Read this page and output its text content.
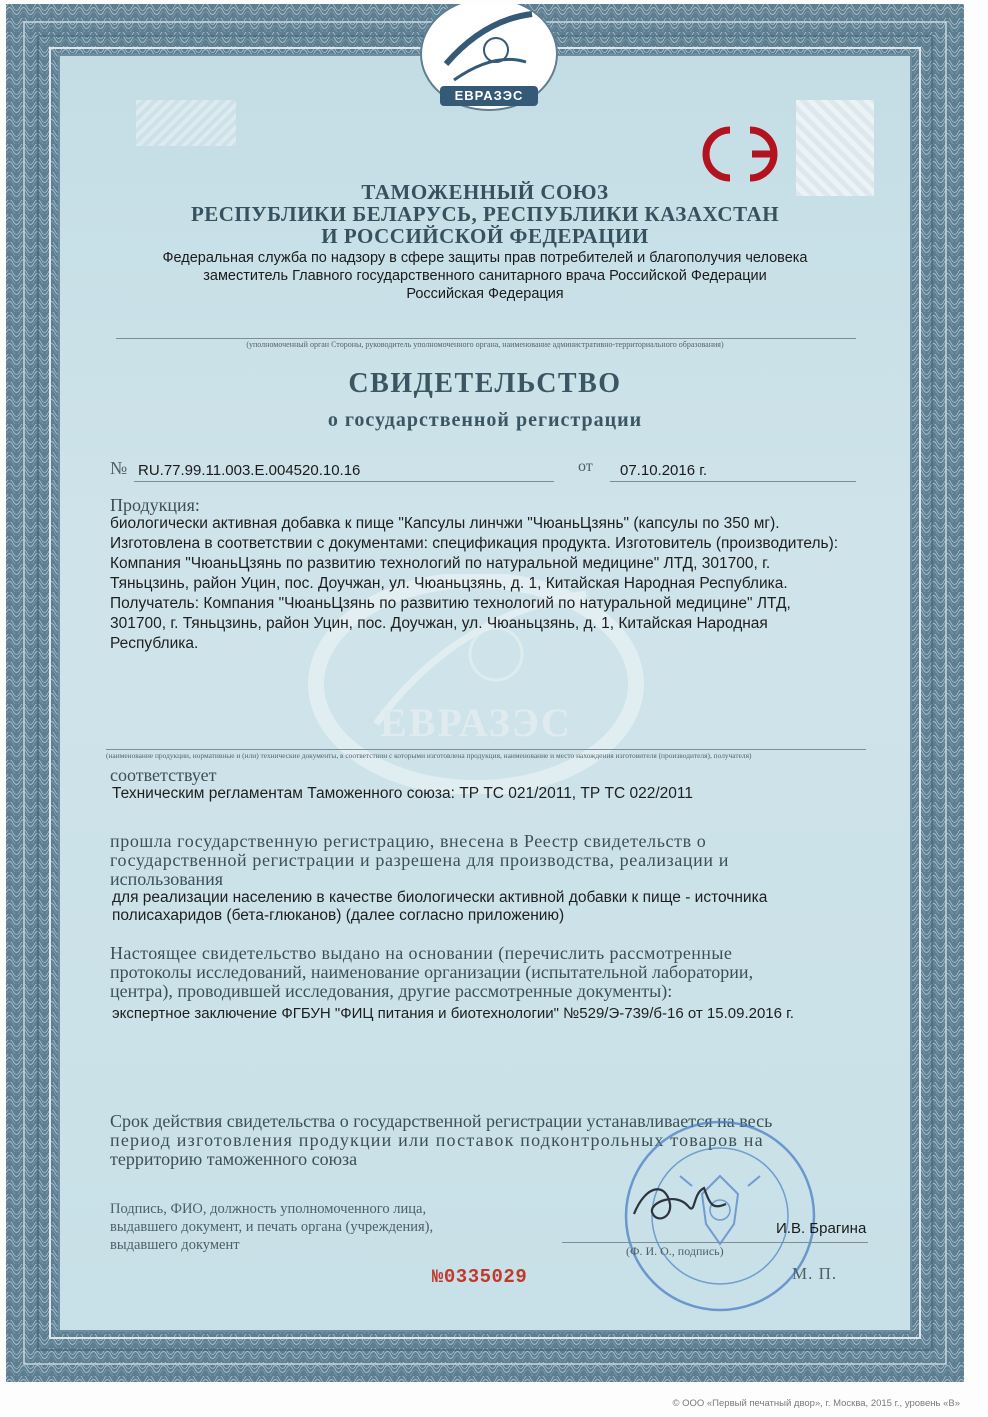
ЕВРАЗЭС
ЕВРАЗЭС
ТАМОЖЕННЫЙ СОЮЗ
РЕСПУБЛИКИ БЕЛАРУСЬ, РЕСПУБЛИКИ КАЗАХСТАН
И РОССИЙСКОЙ ФЕДЕРАЦИИ
Федеральная служба по надзору в сфере защиты прав потребителей и благополучия человека
заместитель Главного государственного санитарного врача Российской Федерации
Российская Федерация
(уполномоченный орган Стороны, руководитель уполномоченного органа, наименование административно-территориального образования)
СВИДЕТЕЛЬСТВО
о государственной регистрации
№ RU.77.99.11.003.Е.004520.10.16	от 07.10.2016 г.
Продукция:
биологически активная добавка к пище "Капсулы линчжи "ЧюаньЦзянь" (капсулы по 350 мг).
Изготовлена в соответствии с документами: спецификация продукта. Изготовитель (производитель):
Компания "ЧюаньЦзянь по развитию технологий по натуральной медицине" ЛТД, 301700, г.
Тяньцзинь, район Уцин, пос. Доучжан, ул. Чюаньцзянь, д. 1, Китайская Народная Республика.
Получатель: Компания "ЧюаньЦзянь по развитию технологий по натуральной медицине" ЛТД,
301700, г. Тяньцзинь, район Уцин, пос. Доучжан, ул. Чюаньцзянь, д. 1, Китайская Народная
Республика.
(наименование продукции, нормативные и (или) технические документы, в соответствии с которыми изготовлена продукция, наименование и место нахождения изготовителя (производителя), получателя)
соответствует
Техническим регламентам Таможенного союза: ТР ТС 021/2011, ТР ТС 022/2011
прошла государственную регистрацию, внесена в Реестр свидетельств о
государственной регистрации и разрешена для производства, реализации и
использования
для реализации населению в качестве биологически активной добавки к пище - источника
полисахаридов (бета-глюканов) (далее согласно приложению)
Настоящее свидетельство выдано на основании (перечислить рассмотренные
протоколы исследований, наименование организации (испытательной лаборатории,
центра), проводившей исследования, другие рассмотренные документы):
экспертное заключение ФГБУН "ФИЦ питания и биотехнологии" №529/Э-739/б-16 от 15.09.2016 г.
Срок действия свидетельства о государственной регистрации устанавливается на весь
период изготовления продукции или поставок подконтрольных товаров на
территорию таможенного союза
Подпись, ФИО, должность уполномоченного лица,
выдавшего документ, и печать органа (учреждения),
выдавшего документ
И.В. Брагина
(Ф. И. О., подпись)
М. П.
№0335029
© ООО «Первый печатный двор», г. Москва, 2015 г., уровень «В»
